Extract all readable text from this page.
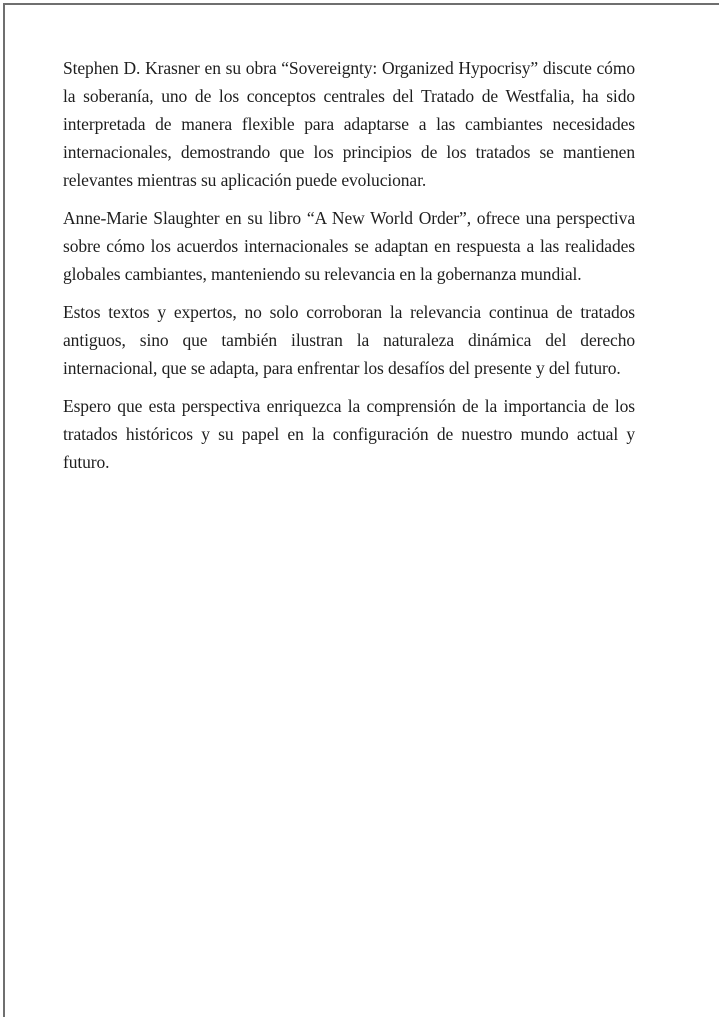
Stephen D. Krasner en su obra “Sovereignty: Organized Hypocrisy” discute cómo la soberanía, uno de los conceptos centrales del Tratado de Westfalia, ha sido interpretada de manera flexible para adaptarse a las cambiantes necesidades internacionales, demostrando que los principios de los tratados se mantienen relevantes mientras su aplicación puede evolucionar.

Anne-Marie Slaughter en su libro “A New World Order”, ofrece una perspectiva sobre cómo los acuerdos internacionales se adaptan en respuesta a las realidades globales cambiantes, manteniendo su relevancia en la gobernanza mundial.

Estos textos y expertos, no solo corroboran la relevancia continua de tratados antiguos, sino que también ilustran la naturaleza dinámica del derecho internacional, que se adapta, para enfrentar los desafíos del presente y del futuro.

Espero que esta perspectiva enriquezca la comprensión de la importancia de los tratados históricos y su papel en la configuración de nuestro mundo actual y futuro.
